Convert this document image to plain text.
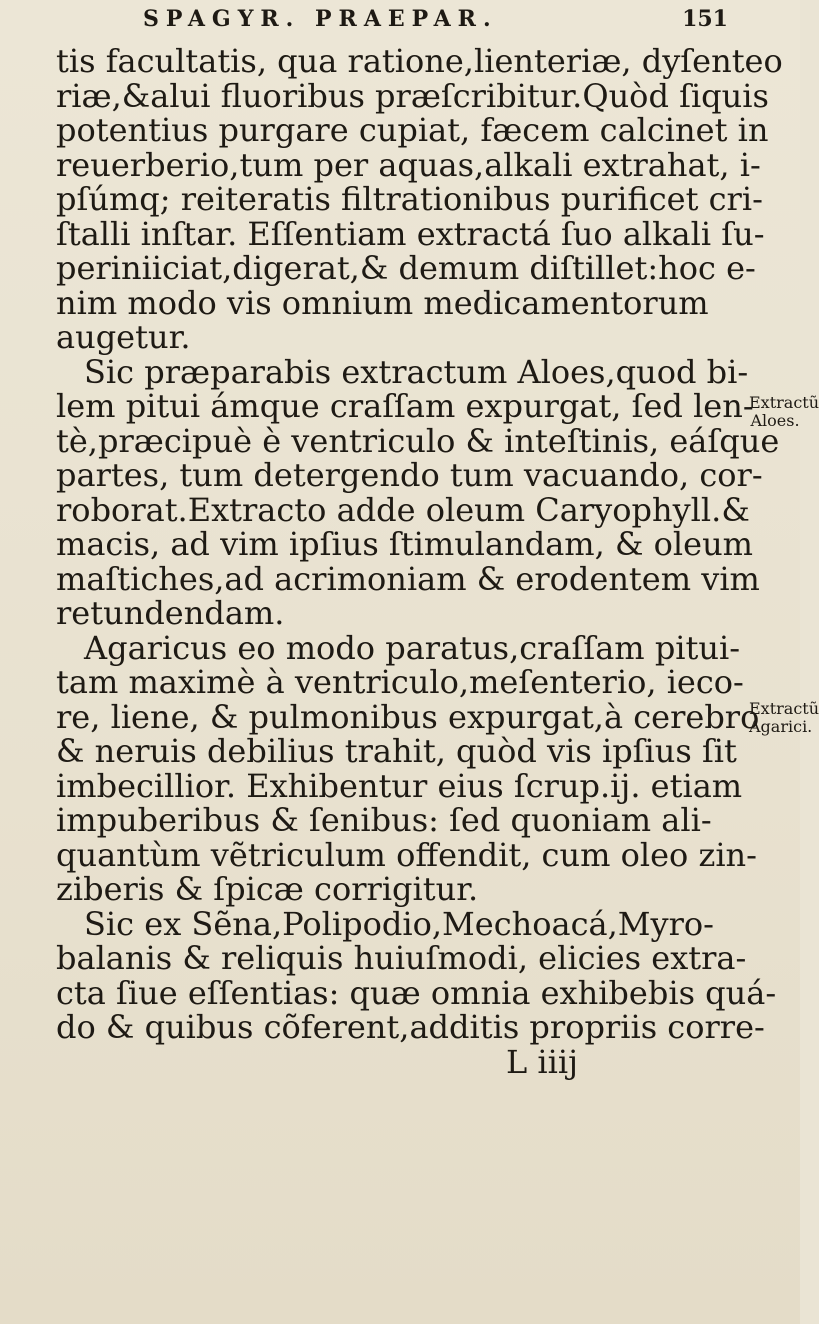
SPAGYR. PRAEPAR.	151
tis facultatis, qua ratione,lienteriæ, dyſenteo
riæ,&alui fluoribus præſcribitur.Quòd ſiquis
potentius purgare cupiat, fæcem calcinet in
reuerberio,tum per aquas,alkali extrahat, i-
pſúmq; reiteratis filtrationibus purificet cri-
ſtalli inſtar. Eſſentiam extractá ſuo alkali ſu-
periniiciat,digerat,& demum diſtillet:hoc e-
nim modo vis omnium medicamentorum
augetur.
Sic præparabis extractum Aloes,quod bi-
lem pitui ámque craſſam expurgat, ſed len-
tè,præcipuè è ventriculo & inteſtinis, eáſque
partes, tum detergendo tum vacuando, cor-
roborat.Extracto adde oleum Caryophyll.&
macis, ad vim ipſius ſtimulandam, & oleum
maſtiches,ad acrimoniam & erodentem vim
retundendam.
Agaricus eo modo paratus,craſſam pitui-
tam maximè à ventriculo,meſenterio, ieco-
re, liene, & pulmonibus expurgat,à cerebro
& neruis debilius trahit, quòd vis ipſius ſit
imbecillior. Exhibentur eius ſcrup.ij. etiam
impuberibus & ſenibus: ſed quoniam ali-
quantùm vẽtriculum offendit, cum oleo zin-
ziberis & ſpicæ corrigitur.
Sic ex Sẽna,Polipodio,Mechoacá,Myro-
balanis & reliquis huiuſmodi, elicies extra-
cta ſiue eſſentias: quæ omnia exhibebis quá-
do & quibus cõferent,additis propriis corre-
L iiij
Extractũ
Aloes.
Extractũ
Agarici.
